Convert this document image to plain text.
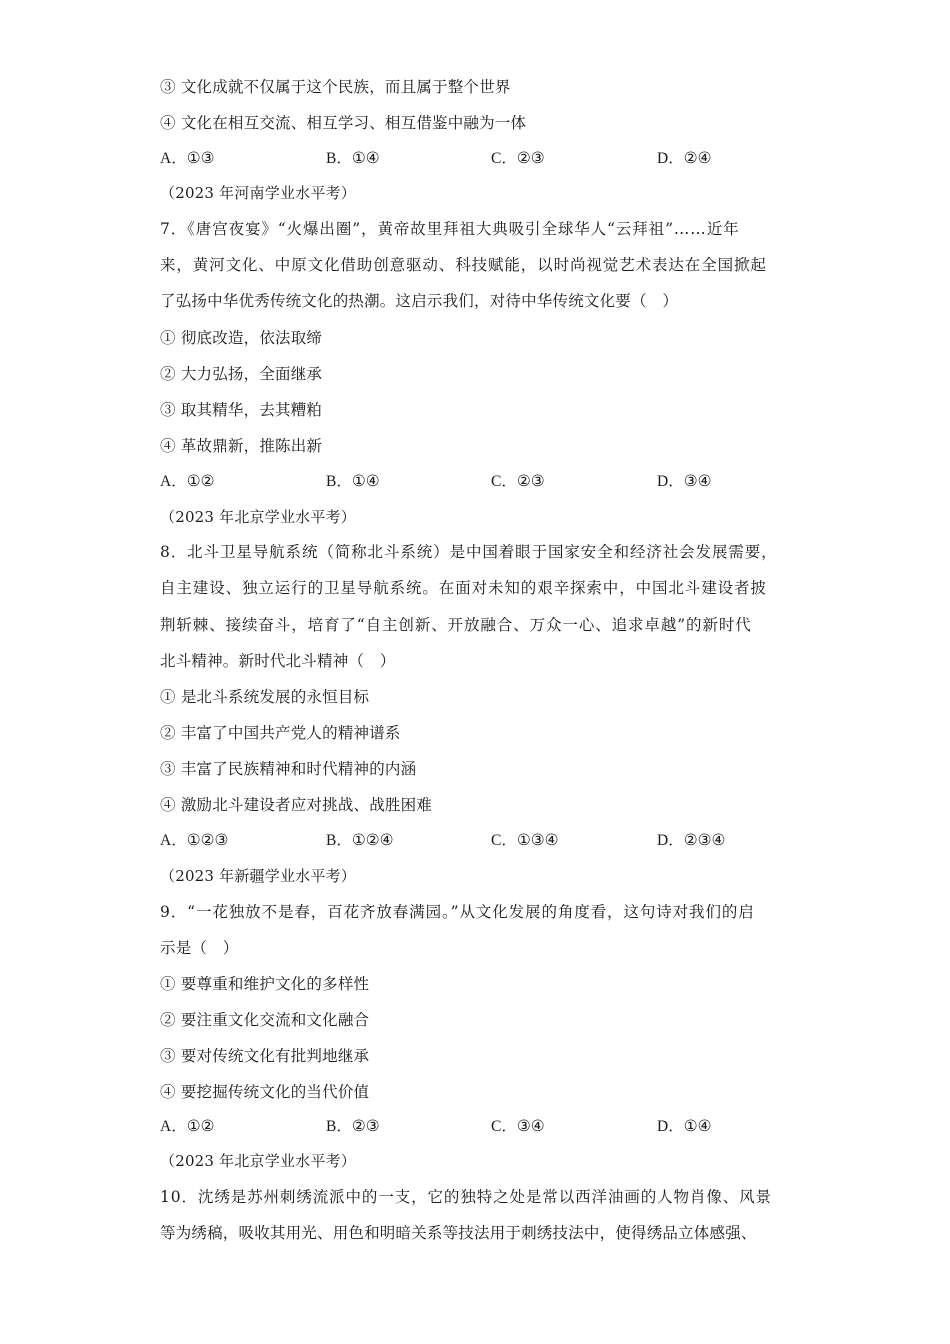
③ 文化成就不仅属于这个民族，而且属于整个世界
④ 文化在相互交流、相互学习、相互借鉴中融为一体
A．①③	B．①④	C．②③	D．②④
（2023 年河南学业水平考）
7．《唐宫夜宴》“火爆出圈”，黄帝故里拜祖大典吸引全球华人“云拜祖”……近年
来，黄河文化、中原文化借助创意驱动、科技赋能，以时尚视觉艺术表达在全国掀起
了弘扬中华优秀传统文化的热潮。这启示我们，对待中华传统文化要（　）
① 彻底改造，依法取缔
② 大力弘扬，全面继承
③ 取其精华，去其糟粕
④ 革故鼎新，推陈出新
A．①②	B．①④	C．②③	D．③④
（2023 年北京学业水平考）
8．北斗卫星导航系统（简称北斗系统）是中国着眼于国家安全和经济社会发展需要，
自主建设、独立运行的卫星导航系统。在面对未知的艰辛探索中，中国北斗建设者披
荆斩棘、接续奋斗，培育了“自主创新、开放融合、万众一心、追求卓越”的新时代
北斗精神。新时代北斗精神（　）
① 是北斗系统发展的永恒目标
② 丰富了中国共产党人的精神谱系
③ 丰富了民族精神和时代精神的内涵
④ 激励北斗建设者应对挑战、战胜困难
A．①②③	B．①②④	C．①③④	D．②③④
（2023 年新疆学业水平考）
9．“一花独放不是春，百花齐放春满园。”从文化发展的角度看，这句诗对我们的启
示是（　）
① 要尊重和维护文化的多样性
② 要注重文化交流和文化融合
③ 要对传统文化有批判地继承
④ 要挖掘传统文化的当代价值
A．①②	B．②③	C．③④	D．①④
（2023 年北京学业水平考）
10．沈绣是苏州刺绣流派中的一支，它的独特之处是常以西洋油画的人物肖像、风景
等为绣稿，吸收其用光、用色和明暗关系等技法用于刺绣技法中，使得绣品立体感强、
